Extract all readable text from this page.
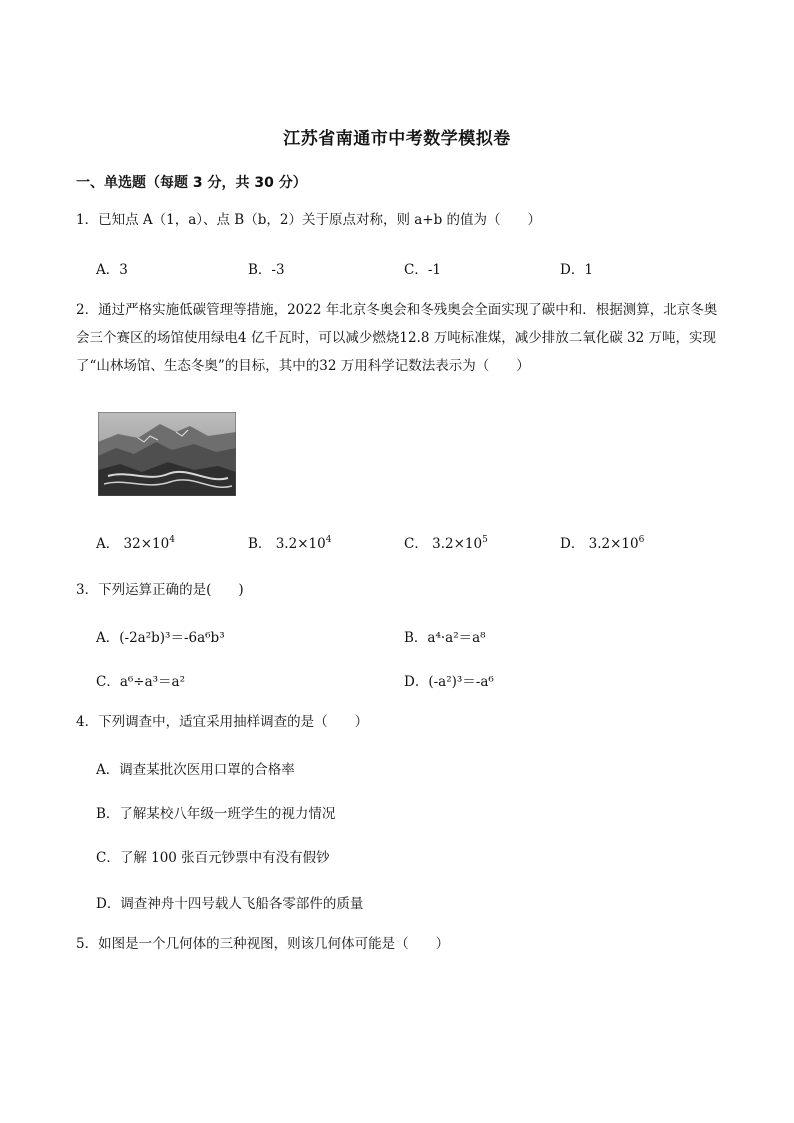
江苏省南通市中考数学模拟卷
一、单选题（每题 3 分，共 30 分）
1．已知点 A（1，a）、点 B（b，2）关于原点对称，则 a+b 的值为（　　）
A．3	B．-3	C．-1	D．1
2．通过严格实施低碳管理等措施，2022 年北京冬奥会和冬残奥会全面实现了碳中和．根据测算，北京冬奥会三个赛区的场馆使用绿电4 亿千瓦时，可以减少燃烧12.8 万吨标准煤，减少排放二氧化碳 32 万吨，实现了“山林场馆、生态冬奥”的目标，其中的32 万用科学记数法表示为（　　）
A． $32\times 10^4$	B． $3.2\times 10^4$	C． $3.2\times 10^5$	D． $3.2\times 10^6$
3．下列运算正确的是(　　)
A．(-2a²b)³＝-6a⁶b³	B．a⁴·a²＝a⁸
C．a⁶÷a³＝a²	D．(-a²)³＝-a⁶
4．下列调查中，适宜采用抽样调查的是（　　）
A．调查某批次医用口罩的合格率
B．了解某校八年级一班学生的视力情况
C．了解 100 张百元钞票中有没有假钞
D．调查神舟十四号载人飞船各零部件的质量
5．如图是一个几何体的三种视图，则该几何体可能是（　　）
